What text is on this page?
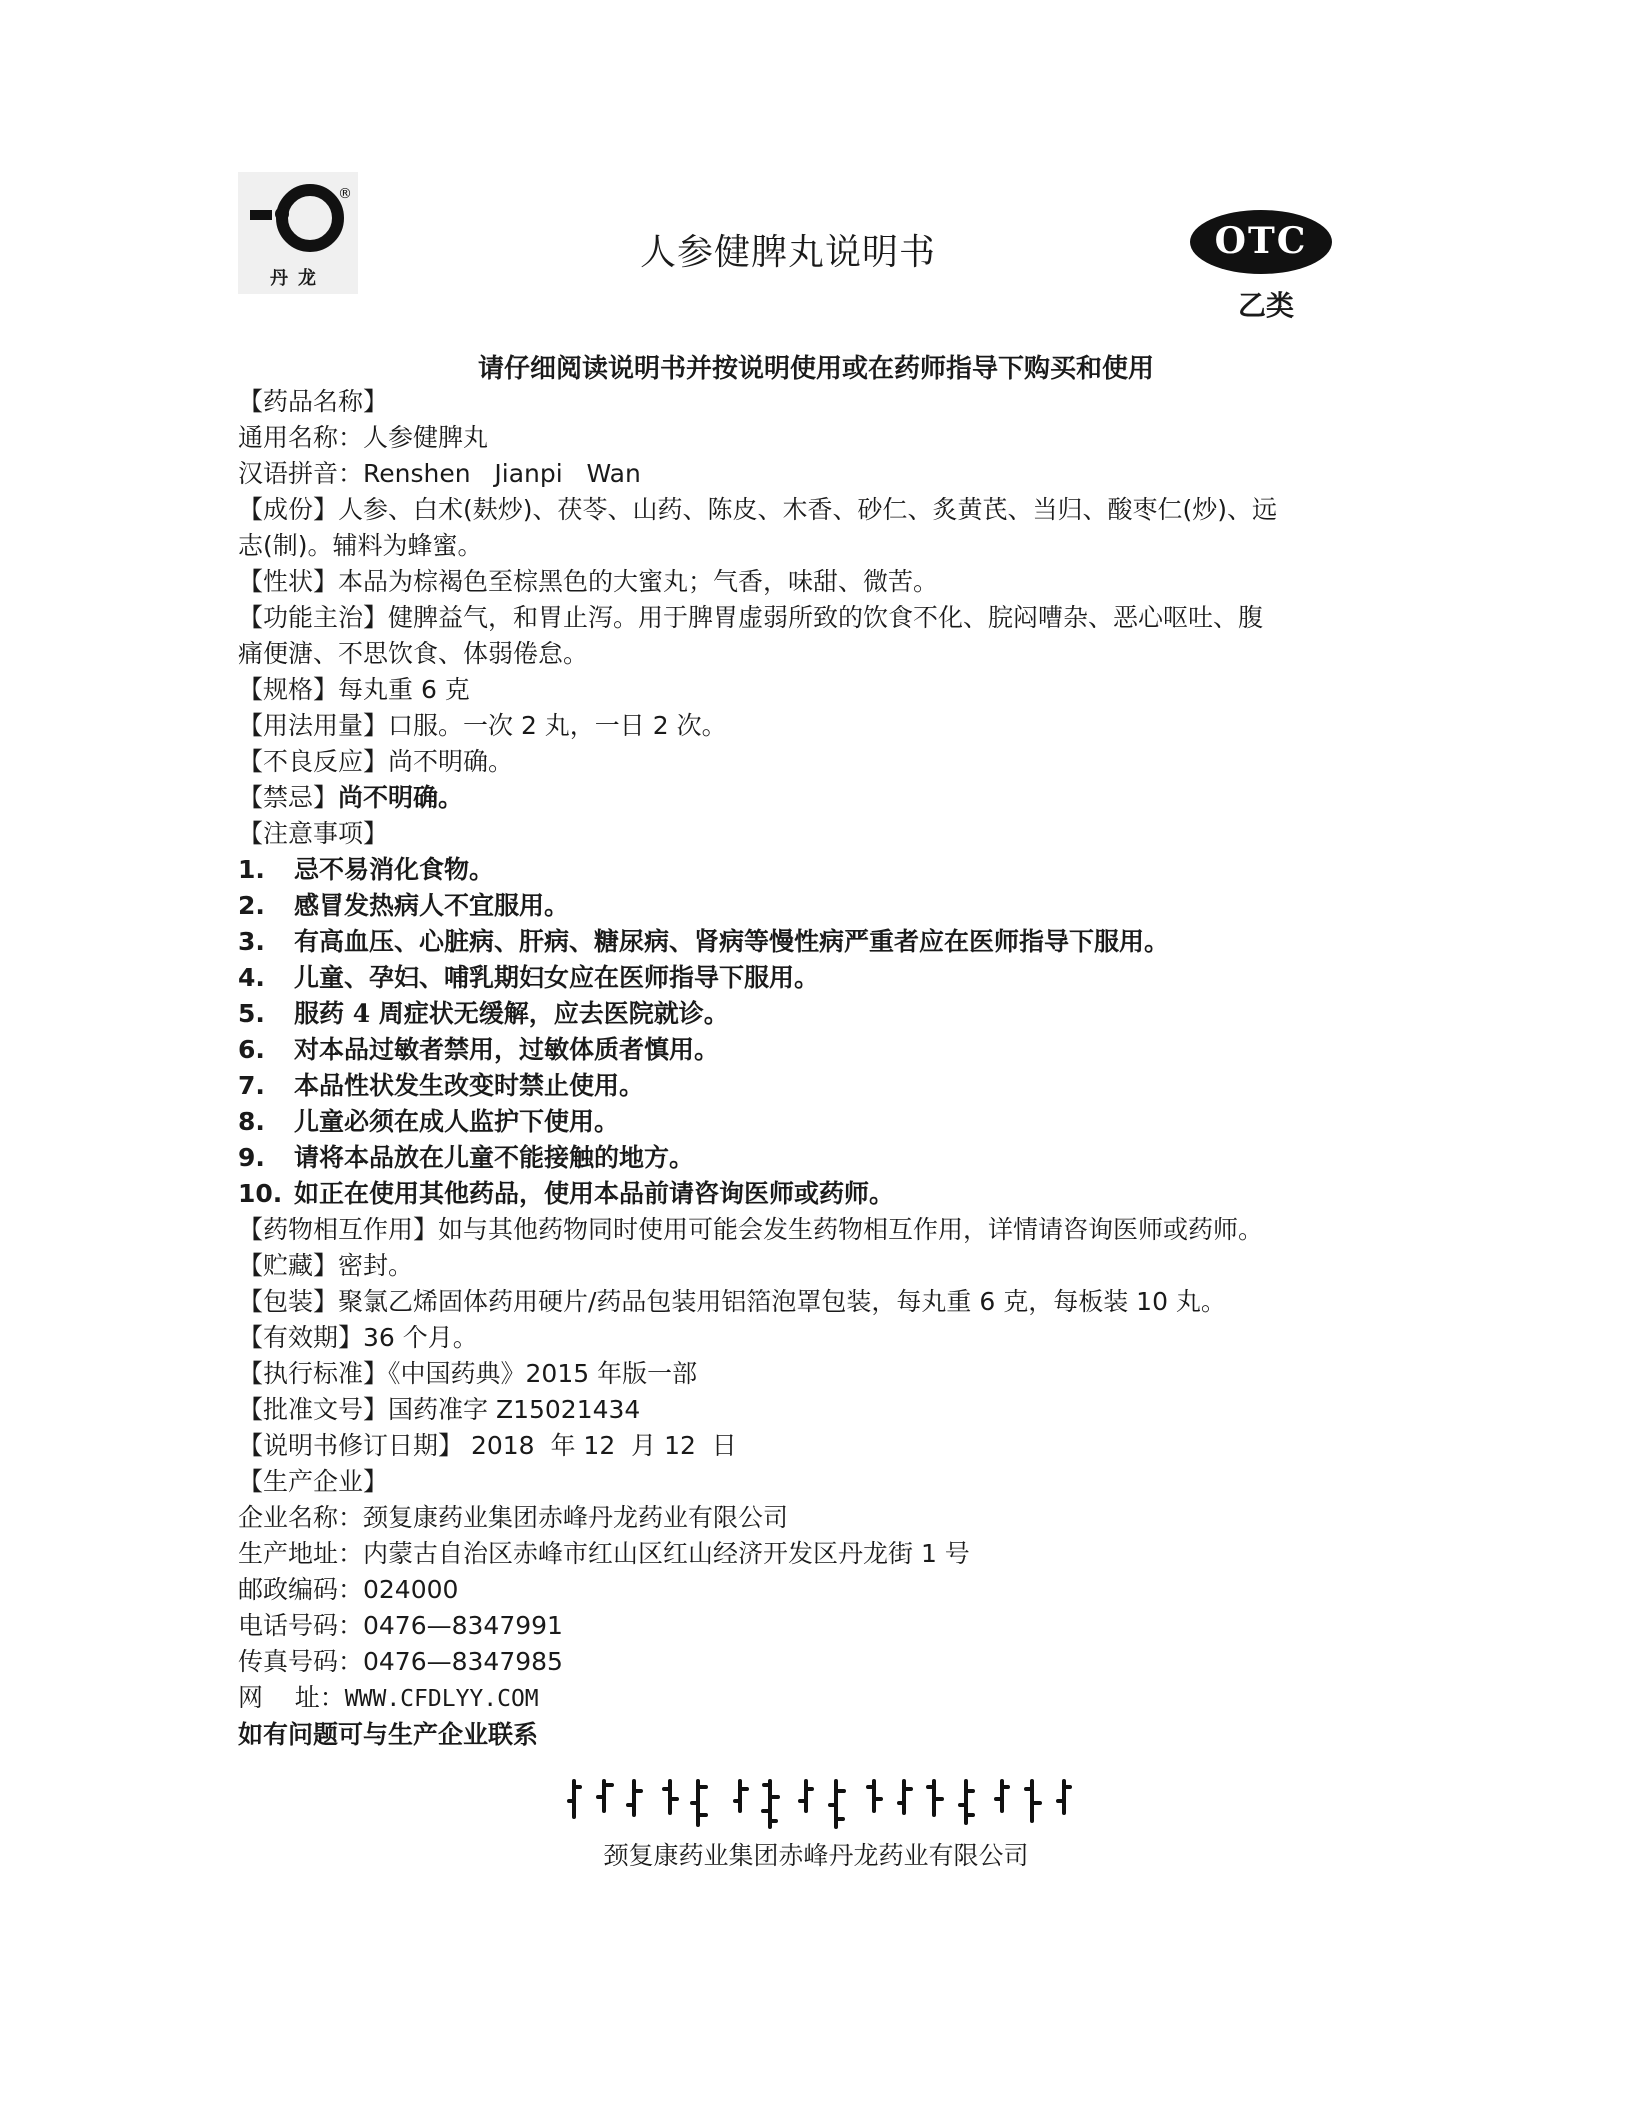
®
丹龙
人参健脾丸说明书	OTC
乙类
请仔细阅读说明书并按说明使用或在药师指导下购买和使用
【药品名称】
通用名称：人参健脾丸
汉语拼音：Renshen   Jianpi   Wan
【成份】人参、白术(麸炒)、茯苓、山药、陈皮、木香、砂仁、炙黄芪、当归、酸枣仁(炒)、远
志(制)。辅料为蜂蜜。
【性状】本品为棕褐色至棕黑色的大蜜丸；气香，味甜、微苦。
【功能主治】健脾益气，和胃止泻。用于脾胃虚弱所致的饮食不化、脘闷嘈杂、恶心呕吐、腹
痛便溏、不思饮食、体弱倦怠。
【规格】每丸重 6 克
【用法用量】口服。一次 2 丸，一日 2 次。
【不良反应】尚不明确。
【禁忌】尚不明确。
【注意事项】
1. 忌不易消化食物。
2. 感冒发热病人不宜服用。
3. 有高血压、心脏病、肝病、糖尿病、肾病等慢性病严重者应在医师指导下服用。
4. 儿童、孕妇、哺乳期妇女应在医师指导下服用。
5. 服药 4 周症状无缓解，应去医院就诊。
6. 对本品过敏者禁用，过敏体质者慎用。
7. 本品性状发生改变时禁止使用。
8. 儿童必须在成人监护下使用。
9. 请将本品放在儿童不能接触的地方。
10. 如正在使用其他药品，使用本品前请咨询医师或药师。
【药物相互作用】如与其他药物同时使用可能会发生药物相互作用，详情请咨询医师或药师。
【贮藏】密封。
【包装】聚氯乙烯固体药用硬片/药品包装用铝箔泡罩包装，每丸重 6 克，每板装 10 丸。
【有效期】36 个月。
【执行标准】《中国药典》2015 年版一部
【批准文号】国药准字 Z15021434
【说明书修订日期】 2018  年 12  月 12  日
【生产企业】
企业名称：颈复康药业集团赤峰丹龙药业有限公司
生产地址：内蒙古自治区赤峰市红山区红山经济开发区丹龙街 1 号
邮政编码：024000
电话号码：0476—8347991
传真号码：0476—8347985
网    址：WWW.CFDLYY.COM
如有问题可与生产企业联系
颈复康药业集团赤峰丹龙药业有限公司
